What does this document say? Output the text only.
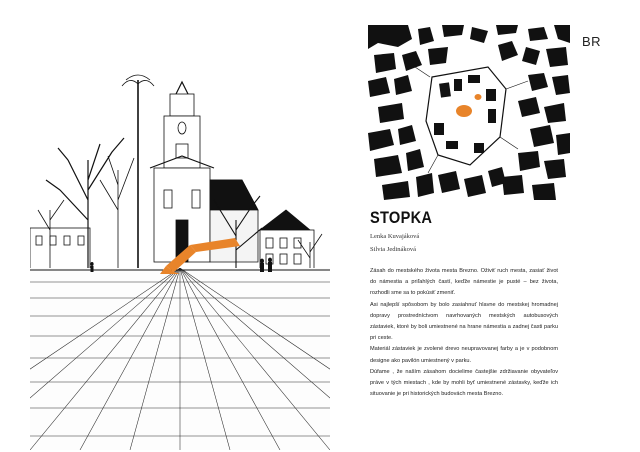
BR
STOPKA
Lenka Kuvajáková
Silvia Jedináková

Zásah do mestského života mesta Brezno. Oživiť ruch mesta, zasiať život do námestia a priľahlých častí, keďže námestie je pusté – bez života, rozhodli sme sa to pokúsiť zmeniť.

Asi najlepší spôsobom by bolo zasiahnuť hlavne do mestskej hromadnej dopravy prostredníctvom navrhovaných mestských autobusových zástaviek, ktoré by boli umiestnené na hrane námestia a zadnej časti parku pri ceste.

Materiál zástaviek je zvolené drevo neupravovanej farby a je v podobnom designe ako pavilón umiestnený v parku.

Dúfame , že naším zásahom docielime častejšie zdržiavanie obyvateľov práve v tých miestach , kde by mohli byť umiestnené zástavky, keďže ich situovanie je pri historických budovách mesta Brezno.
